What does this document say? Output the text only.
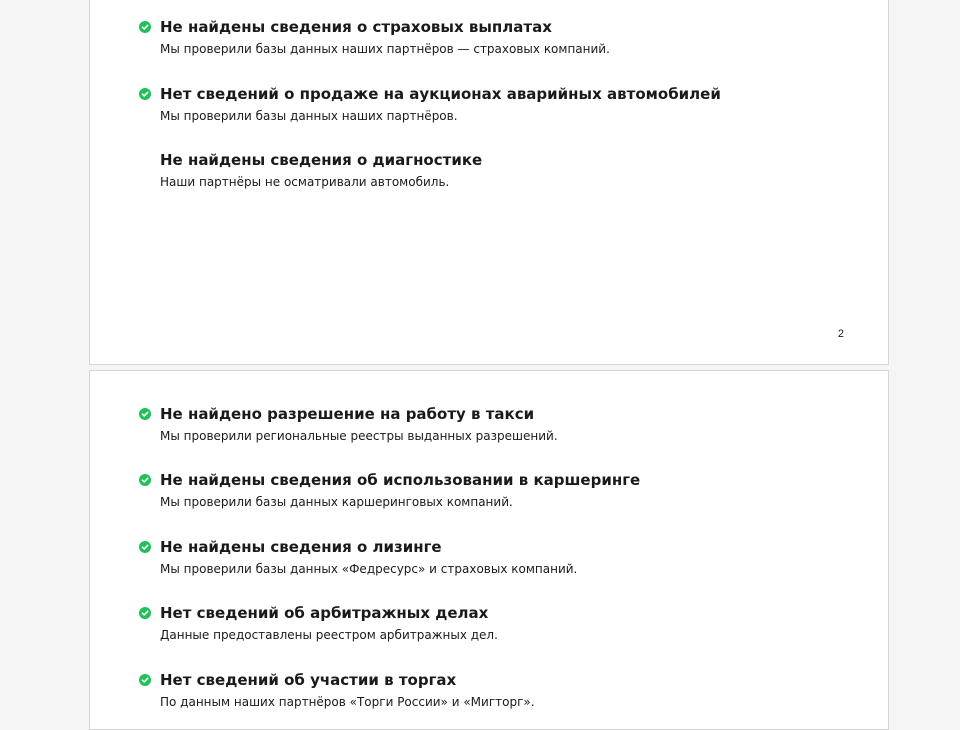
Не найдены сведения о страховых выплатах
Мы проверили базы данных наших партнёров — страховых компаний.
Нет сведений о продаже на аукционах аварийных автомобилей
Мы проверили базы данных наших партнёров.
Не найдены сведения о диагностике
Наши партнёры не осматривали автомобиль.
2
Не найдено разрешение на работу в такси
Мы проверили региональные реестры выданных разрешений.
Не найдены сведения об использовании в каршеринге
Мы проверили базы данных каршеринговых компаний.
Не найдены сведения о лизинге
Мы проверили базы данных «Федресурс» и страховых компаний.
Нет сведений об арбитражных делах
Данные предоставлены реестром арбитражных дел.
Нет сведений об участии в торгах
По данным наших партнёров «Торги России» и «Мигторг».
